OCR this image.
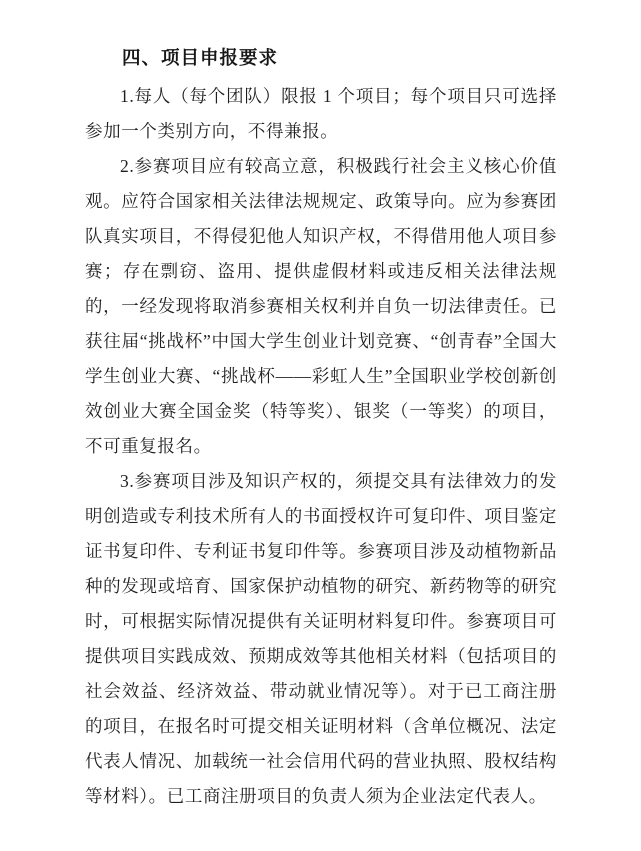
四、项目申报要求

1.每人（每个团队）限报 1 个项目；每个项目只可选择参加一个类别方向，不得兼报。

2.参赛项目应有较高立意，积极践行社会主义核心价值观。应符合国家相关法律法规规定、政策导向。应为参赛团队真实项目，不得侵犯他人知识产权，不得借用他人项目参赛；存在剽窃、盗用、提供虚假材料或违反相关法律法规的，一经发现将取消参赛相关权利并自负一切法律责任。已获往届“挑战杯”中国大学生创业计划竞赛、“创青春”全国大学生创业大赛、“挑战杯——彩虹人生”全国职业学校创新创效创业大赛全国金奖（特等奖）、银奖（一等奖）的项目，不可重复报名。

3.参赛项目涉及知识产权的，须提交具有法律效力的发明创造或专利技术所有人的书面授权许可复印件、项目鉴定证书复印件、专利证书复印件等。参赛项目涉及动植物新品种的发现或培育、国家保护动植物的研究、新药物等的研究时，可根据实际情况提供有关证明材料复印件。参赛项目可提供项目实践成效、预期成效等其他相关材料（包括项目的社会效益、经济效益、带动就业情况等）。对于已工商注册的项目，在报名时可提交相关证明材料（含单位概况、法定代表人情况、加载统一社会信用代码的营业执照、股权结构等材料）。已工商注册项目的负责人须为企业法定代表人。
